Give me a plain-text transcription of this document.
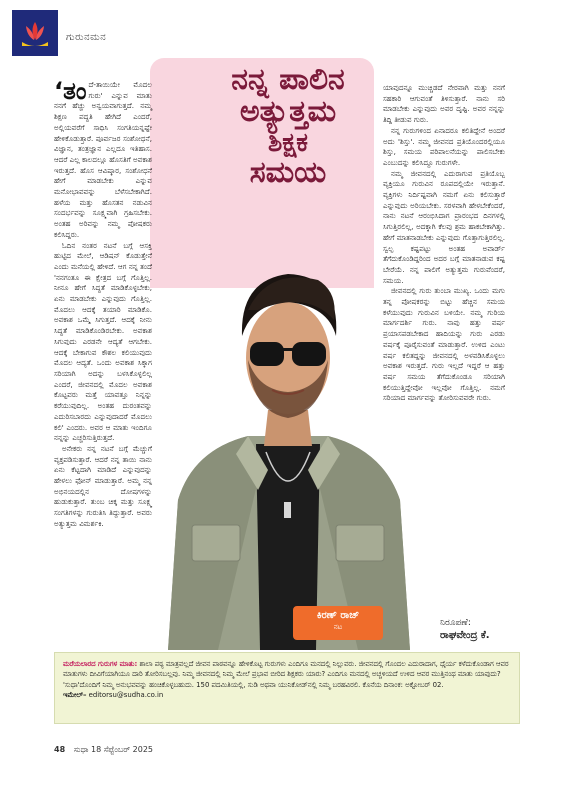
ಗುರುನಮನ
ನನ್ನ ಪಾಲಿನ
ಅತ್ಯುತ್ತಮ
ಶಿಕ್ಷಕ
ಸಮಯ
‘ತಂ ದೆ-ತಾಯಿಯೇ ಮೊದಲ ಗುರು' ಎನ್ನುವ ಮಾತು ನನಗೆ ಹೆಚ್ಚು ಅನ್ವಯವಾಗುತ್ತದೆ. ನಮ್ಮ ಶಿಕ್ಷಣ ಪದ್ಧತಿ ಹೇಗಿದೆ ಎಂದರೆ, ಅಲ್ಲಿಯವರೆಗೆ ಸಾಧಿಸಿ ಸಂಗತಿಯನ್ನಷ್ಟೇ ಹೇಳಿಕೊಡುತ್ತಾರೆ. ಪೂರ್ವಜರ ಸಂಶೋಧನೆ, ವಿಜ್ಞಾನ, ತಂತ್ರಜ್ಞಾನ ಎಲ್ಲದೂ ಇತಿಹಾಸ. ಆದರೆ ಎಲ್ಲ ಕಾಲದಲ್ಲೂ ಹೊಸತಿಗೆ ಅವಕಾಶ ಇರುತ್ತದೆ. ಹೊಸ ಆವಿಷ್ಕಾರ, ಸಂಶೋಧನೆ ಹೇಗೆ ಮಾಡಬೇಕು ಎನ್ನುವ ಮನೋಭಾವವನ್ನು ಬೆಳೆಸಬೇಕಾಗಿದೆ. ಹಳೆಯ ಮತ್ತು ಹೊಸತನ ನಡುವಿನ ಸಂದರ್ಭವನ್ನು ಸೂಕ್ಷ್ಮವಾಗಿ ಗ್ರಹಿಸಬೇಕು. ಅಂತಹ ಅರಿವನ್ನು ನಮ್ಮ ಪೋಷಕರು ಕಲಿಸಿದ್ದರು.

ಓದಿನ ನಂತರ ನಟನೆ ಬಗ್ಗೆ ಆಸಕ್ತಿ ಹುಟ್ಟಿದ ಮೇಲೆ, ಆಡಿಷನ್ ಕೊಡುತ್ತೇನೆ ಎಂದು ಮನೆಯಲ್ಲಿ ಹೇಳಿದೆ. ಆಗ ನನ್ನ ತಂದೆ 'ನನಗಂತೂ ಈ ಕ್ಷೇತ್ರದ ಬಗ್ಗೆ ಗೊತ್ತಿಲ್ಲ. ನೀನೂ ಹೇಗೆ ಸಿದ್ಧತೆ ಮಾಡಿಕೊಳ್ಳಬೇಕು, ಏನು ಮಾಡಬೇಕು ಎನ್ನುವುದು ಗೊತ್ತಿಲ್ಲ. ಮೊದಲು ಆದಕ್ಕೆ ತಯಾರಿ ಮಾಡಿಕೊ. ಅವಕಾಶ ಒಮ್ಮೆ ಸಿಗುತ್ತದೆ. ಆದಕ್ಕೆ ನೀನು ಸಿದ್ಧತೆ ಮಾಡಿಕೊಂಡಿರಬೇಕು. ಅವಕಾಶ ಸಿಗುವುದು ಎರಡನೇ ಆದ್ಯತೆ ಆಗಬೇಕು. ಆದಕ್ಕೆ ಬೇಕಾಗುವ ಕೌಶಲ ಕಲಿಯುವುದು ಮೊದಲ ಆದ್ಯತೆ. ಒಂದು ಅವಕಾಶ ಸಿಕ್ಕಾಗ ಸರಿಯಾಗಿ ಅದನ್ನು ಬಳಸಿಕೊಳ್ಳಲಿಲ್ಲ ಎಂದರೆ, ಜೀವನದಲ್ಲಿ ಮೊದಲ ಅವಕಾಶ ಕೊಟ್ಟವರು ಮತ್ತೆ ಯಾವತ್ತೂ ನಿನ್ನನ್ನು ಕರೆಯುವುದಿಲ್ಲ. ಅಂತಹ ದುರಂತವನ್ನು ಎದುರಿಸಬಾರದು ಎನ್ನುವುದಾದರೆ ಮೊದಲು ಕಲಿ' ಎಂದರು. ಅವರ ಆ ಮಾತು ಇಂದಿಗೂ ನನ್ನನ್ನು ಎಚ್ಚರಿಸುತ್ತಿರುತ್ತದೆ.

ಅನೇಕರು ನನ್ನ ನಟನೆ ಬಗ್ಗೆ ಮೆಚ್ಚುಗೆ ವ್ಯಕ್ತಪಡಿಸುತ್ತಾರೆ. ಆದರೆ ನನ್ನ ತಾಯಿ ನಾನು ಏನು ಕೆಟ್ಟದಾಗಿ ಮಾಡಿದೆ ಎನ್ನುವುದನ್ನು ಹೇಳಲು ಫೋನ್ ಮಾಡುತ್ತಾರೆ. ಅಮ್ಮ ನನ್ನ ಅಭಿನಯದಲ್ಲಿನ ದೋಷಗಳನ್ನು ಹುಡುಕುತ್ತಾರೆ. ತುಂಬ ಚಿಕ್ಕ ಮತ್ತು ಸೂಕ್ಷ್ಮ ಸಂಗತಿಗಳನ್ನು ಗುರುತಿಸಿ ತಿದ್ದುತ್ತಾರೆ. ಅವರು ಅತ್ಯುತ್ತಮ ವಿಮರ್ಶಕಿ.

ಯಾವುದನ್ನೂ ಮುಚ್ಚಿಡದೆ ನೇರವಾಗಿ ಮತ್ತು ನನಗೆ ಸಹಕಾರಿ ಆಗುವಂತೆ ತಿಳಿಸುತ್ತಾರೆ. ನಾನು ಸರಿ ಮಾಡಬೇಕು ಎನ್ನುವುದು ಅವರ ದೃಷ್ಟಿ. ಅವರ ನನ್ನನ್ನು ತಿದ್ದಿ ತೀಡುವ ಗುರು.

ನನ್ನ ಗುರುಗಳಿಂದ ಏನಾದರೂ ಕಲಿತಿದ್ದೇನೆ ಅಂದರೆ ಅದು 'ಶಿಸ್ತು'. ನಮ್ಮ ಜೀವನದ ಪ್ರತಿಯೊಂದರಲ್ಲಿಯೂ ಶಿಸ್ತು, ಸಮಯ ಪರಿಪಾಲನೆಯನ್ನು ಪಾಲಿಸಬೇಕು ಎಂಬುದನ್ನು ಕಲಿಸಿದ್ದೂ ಗುರುಗಳೇ.

ನಮ್ಮ ಜೀವನದಲ್ಲಿ ಎದುರಾಗುವ ಪ್ರತಿಯೊಬ್ಬ ವ್ಯಕ್ತಿಯೂ ಗುರುವಿನ ರೂಪದಲ್ಲಿಯೇ ಇರುತ್ತಾನೆ. ವ್ಯಕ್ತಿಗಳು ನಿರ್ದಿಷ್ಟವಾಗಿ ನಮಗೆ ಏನು ಕಲಿಸುತ್ತಾರೆ ಎನ್ನುವುದು ಅರಿಯಬೇಕು. ಸರಳವಾಗಿ ಹೇಳಬೇಕೆಂದರೆ, ನಾನು ನಟನೆ ಆರಂಭಿಸಿದಾಗ ಪ್ರಾರಂಭದ ದಿನಗಳಲ್ಲಿ ಸಿಗುತ್ತಿರಲಿಲ್ಲ, ಅದಕ್ಕಾಗಿ ಕೆಲವು ಶ್ರಮ ಹಾಕಬೇಕಾಗಿತ್ತು. ಹೇಗೆ ಮಾತನಾಡಬೇಕು ಎನ್ನುವುದು ಗೊತ್ತಾಗುತ್ತಿರಲಿಲ್ಲ. ಸ್ವಲ್ಪ ಕಷ್ಟಪಟ್ಟು ಅಂತಹ ಅವಾರ್ಡ್ ತೆಗೆದುಕೊಂಡಿದ್ದರಿಂದ ಅದರ ಬಗ್ಗೆ ಮಾತನಾಡುವ ಕಷ್ಟ ಬೇರೆಯೆ. ನನ್ನ ಪಾಲಿಗೆ ಅತ್ಯುತ್ತಮ ಗುರುವೆಂದರೆ, ಸಮಯ.

ಜೀವನದಲ್ಲಿ ಗುರು ತುಂಬಾ ಮುಖ್ಯ. ಒಂದು ಮಗು ತನ್ನ ಪೋಷಕರನ್ನು ಬಿಟ್ಟು ಹೆಚ್ಚಿನ ಸಮಯ ಕಳೆಯುವುದು ಗುರುವಿನ ಬಳಿಯೇ. ನಮ್ಮ ಗುರಿಯ ಮಾರ್ಗದರ್ಶಿ ಗುರು. ನಾವು ಹತ್ತು ವರ್ಷ ಪ್ರಯಾಸಪಡಬೇಕಾದ ಹಾದಿಯನ್ನು ಗುರು ಎರಡು ವರ್ಷಕ್ಕೆ ಪೂರೈಸುವಂತೆ ಮಾಡುತ್ತಾರೆ. ಉಳಿದ ಎಂಟು ವರ್ಷ ಕಲಿತದ್ದನ್ನು ಜೀವನದಲ್ಲಿ ಅಳವಡಿಸಿಕೊಳ್ಳಲು ಅವಕಾಶ ಇರುತ್ತದೆ. ಗುರು ಇಲ್ಲದೆ ಇದ್ದರೆ ಆ ಹತ್ತು ವರ್ಷ ಸಮಯ ತೆಗೆದುಕೊಂಡೂ ಸರಿಯಾಗಿ ಕಲಿಯುತ್ತಿದ್ದೇವೋ ಇಲ್ಲವೋ ಗೊತ್ತಿಲ್ಲ. ನಮಗೆ ಸರಿಯಾದ ಮಾರ್ಗವನ್ನು ತೋರಿಸುವವರೇ ಗುರು.

ಕಿರಣ್ ರಾಜ್
ನಟ	ನಿರೂಪಣೆ:
ರಾಘವೇಂದ್ರ ಕೆ.
ಮರೆಯಲಾರದ ಗುರುಗಳ ಮಾತು: ಶಾಲಾ ಪಠ್ಯ ಮಾತ್ರವಲ್ಲದೆ ಜೀವನ ಪಾಠವನ್ನೂ ಹೇಳಿಕೊಟ್ಟ ಗುರುಗಳು ಎಂದಿಗೂ ಮನದಲ್ಲಿ ನಿಲ್ಲುವರು. ಜೀವನದಲ್ಲಿ ಗೊಂದಲ ಎದುರಾದಾಗ, ಧೈರ್ಯ ಕಳೆದುಕೊಂಡಾಗ ಆವರ ಮಾತುಗಳು ದೀವಿಗೆಯಾಗಿಯೂ ದಾರಿ ತೋರಿಸಬಲ್ಲವು. ನಿಮ್ಮ ಜೀವನದಲ್ಲಿ ನಿಮ್ಮ ಮೇಲೆ ಪ್ರಭಾವ ಬೀರಿದ ಶಿಕ್ಷಕರು ಯಾರು? ಎಂದಿಗೂ ಮನದಲ್ಲಿ ಅಚ್ಚಳಿಯದೆ ಉಳಿದ ಆವರ ಮುತ್ತಿನಂಥ ಮಾತು ಯಾವುದು? 'ಸುಧಾ'ದೊಂದಿಗೆ ನಿಮ್ಮ ಅನುಭವವನ್ನು ಹಂಚಿಕೊಳ್ಳಬಹುದು. 150 ಪದಮಿತಿಯಲ್ಲಿ, ಸುಡಿ ಅಥವಾ ಯುನಿಕೋಡ್‌ನಲ್ಲಿ ನಿಮ್ಮ ಬರಹವಿರಲಿ. ಕೊನೆಯ ದಿನಾಂಕ: ಅಕ್ಟೋಬರ್ 02.
ಇಮೇಲ್– editorsu@sudha.co.in
48 ಸುಧಾ 18 ಸೆಪ್ಟೆಂಬರ್ 2025
